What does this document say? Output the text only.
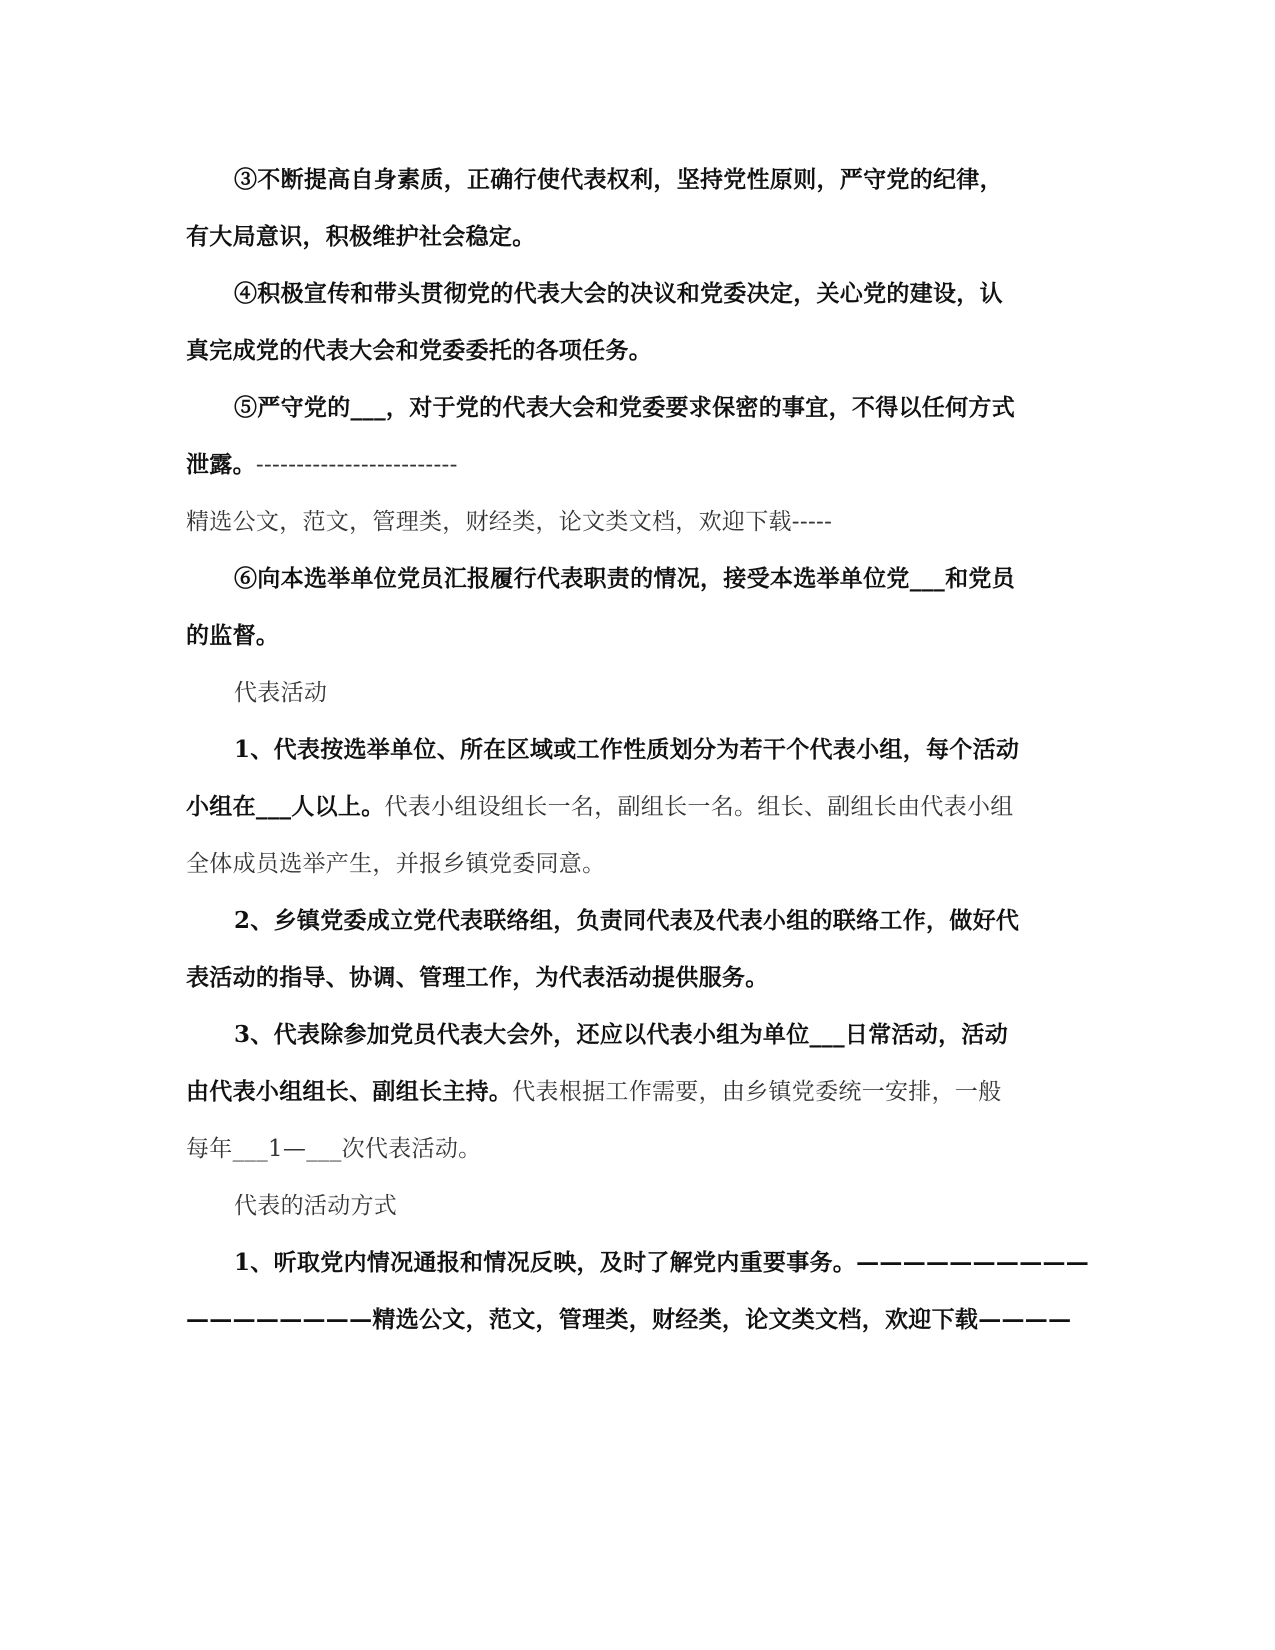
③不断提高自身素质，正确行使代表权利，坚持党性原则，严守党的纪律，
有大局意识，积极维护社会稳定。
④积极宣传和带头贯彻党的代表大会的决议和党委决定，关心党的建设，认
真完成党的代表大会和党委委托的各项任务。
⑤严守党的___，对于党的代表大会和党委要求保密的事宜，不得以任何方式
泄露。-------------------------
精选公文，范文，管理类，财经类，论文类文档，欢迎下载-----
⑥向本选举单位党员汇报履行代表职责的情况，接受本选举单位党___和党员
的监督。
代表活动
1、代表按选举单位、所在区域或工作性质划分为若干个代表小组，每个活动
小组在___人以上。代表小组设组长一名，副组长一名。组长、副组长由代表小组
全体成员选举产生，并报乡镇党委同意。
2、乡镇党委成立党代表联络组，负责同代表及代表小组的联络工作，做好代
表活动的指导、协调、管理工作，为代表活动提供服务。
3、代表除参加党员代表大会外，还应以代表小组为单位___日常活动，活动
由代表小组组长、副组长主持。代表根据工作需要，由乡镇党委统一安排，一般
每年___1—___次代表活动。
代表的活动方式
1、听取党内情况通报和情况反映，及时了解党内重要事务。——————————
————————精选公文，范文，管理类，财经类，论文类文档，欢迎下载————
